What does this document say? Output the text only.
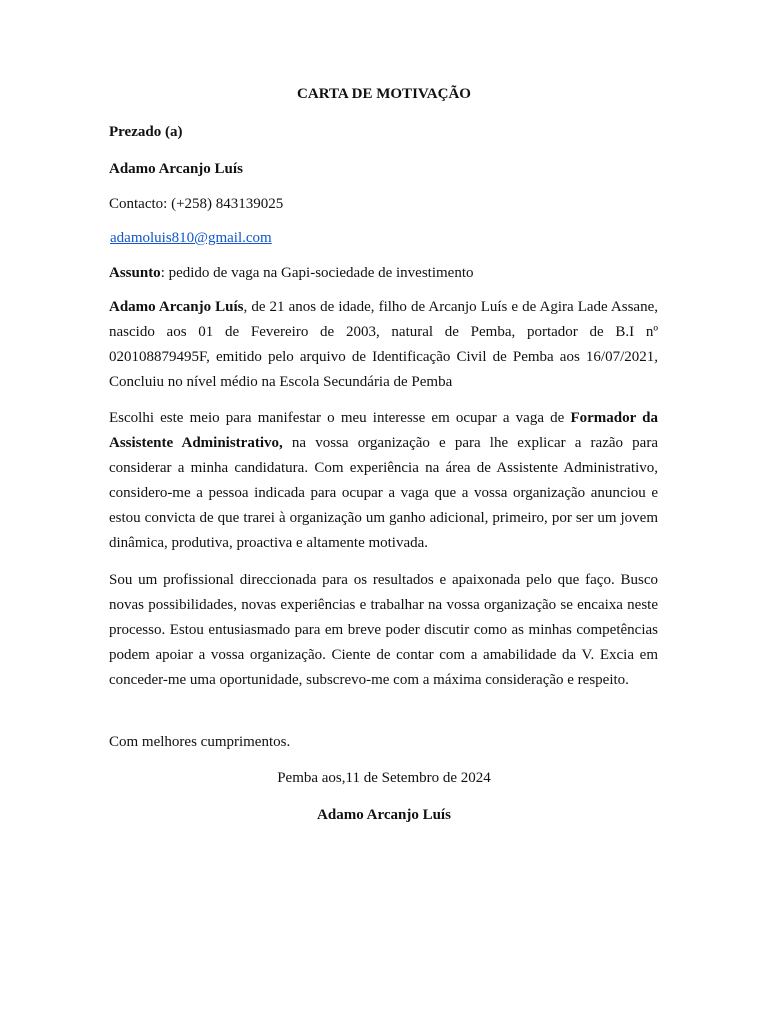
CARTA DE MOTIVAÇÃO
Prezado (a)
Adamo Arcanjo Luís
Contacto: (+258) 843139025
adamoluis810@gmail.com
Assunto: pedido de vaga na Gapi-sociedade de investimento

Adamo Arcanjo Luís, de 21 anos de idade, filho de Arcanjo Luís e de Agira Lade Assane, nascido aos 01 de Fevereiro de 2003, natural de Pemba, portador de B.I nº 020108879495F, emitido pelo arquivo de Identificação Civil de Pemba aos 16/07/2021, Concluiu no nível médio na Escola Secundária de Pemba

Escolhi este meio para manifestar o meu interesse em ocupar a vaga de Formador da Assistente Administrativo, na vossa organização e para lhe explicar a razão para considerar a minha candidatura. Com experiência na área de Assistente Administrativo, considero-me a pessoa indicada para ocupar a vaga que a vossa organização anunciou e estou convicta de que trarei à organização um ganho adicional, primeiro, por ser um jovem dinâmica, produtiva, proactiva e altamente motivada.

Sou um profissional direccionada para os resultados e apaixonada pelo que faço. Busco novas possibilidades, novas experiências e trabalhar na vossa organização se encaixa neste processo. Estou entusiasmado para em breve poder discutir como as minhas competências podem apoiar a vossa organização. Ciente de contar com a amabilidade da V. Excia em conceder-me uma oportunidade, subscrevo-me com a máxima consideração e respeito.

Com melhores cumprimentos.
Pemba aos,11 de Setembro de 2024
Adamo Arcanjo Luís
